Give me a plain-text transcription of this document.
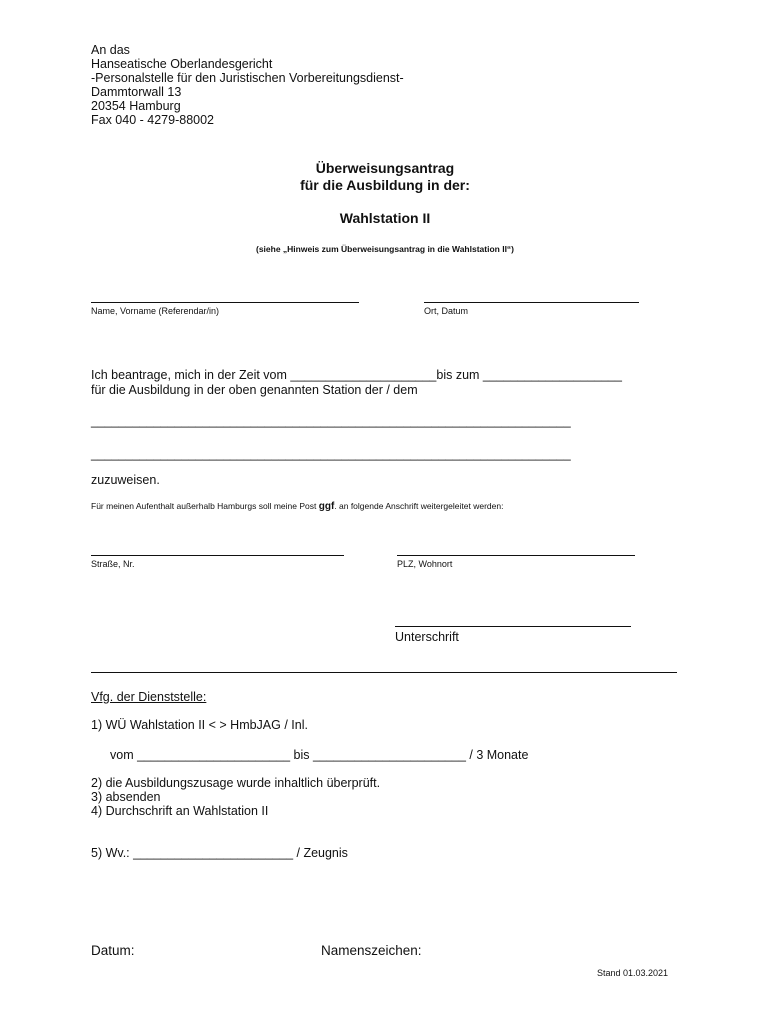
An das
Hanseatische Oberlandesgericht
-Personalstelle für den Juristischen Vorbereitungsdienst-
Dammtorwall 13
20354 Hamburg
Fax 040 - 4279-88002
Überweisungsantrag
für die Ausbildung in der:
Wahlstation II
(siehe „Hinweis zum Überweisungsantrag in die Wahlstation II“)
Name, Vorname (Referendar/in)	Ort, Datum
Ich beantrage, mich in der Zeit vom _____________________bis zum ____________________
für die Ausbildung in der oben genannten Station der / dem
_____________________________________________________________________
_____________________________________________________________________
zuzuweisen.
Für meinen Aufenthalt außerhalb Hamburgs soll meine Post ggf. an folgende Anschrift weitergeleitet werden:
Straße, Nr.	PLZ, Wohnort
Unterschrift
Vfg. der Dienststelle:
1) WÜ Wahlstation II < > HmbJAG / Inl.
vom ______________________ bis ______________________ / 3 Monate
2) die Ausbildungszusage wurde inhaltlich überprüft.
3) absenden
4) Durchschrift an Wahlstation II
5) Wv.: _______________________ / Zeugnis
Datum:	Namenszeichen:
Stand 01.03.2021
